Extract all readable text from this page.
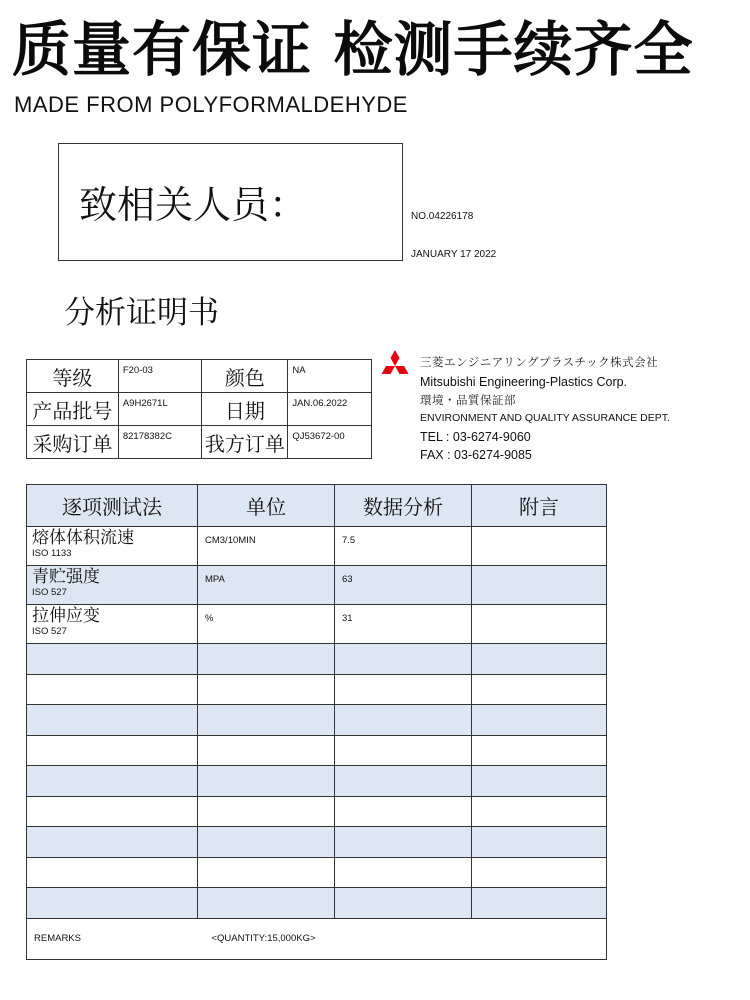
质量有保证 检测手续齐全
MADE FROM POLYFORMALDEHYDE
致相关人员：	NO.04226178
JANUARY 17 2022
分析证明书
等级	F20-03	颜色	NA
产品批号	A9H2671L	日期	JAN.06.2022
采购订单	82178382C	我方订单	QJ53672-00
三菱エンジニアリングプラスチック株式会社
Mitsubishi Engineering-Plastics Corp.
環境・品質保証部
ENVIRONMENT AND QUALITY ASSURANCE DEPT.
TEL : 03-6274-9060
FAX : 03-6274-9085
逐项测试法	单位	数据分析	附言

熔体体积流速
ISO 1133	CM3/10MIN	7.5	

青贮强度
ISO 527	MPA	63	

拉伸应变
ISO 527	%	31	

REMARKS	<QUANTITY:15,000KG>		
